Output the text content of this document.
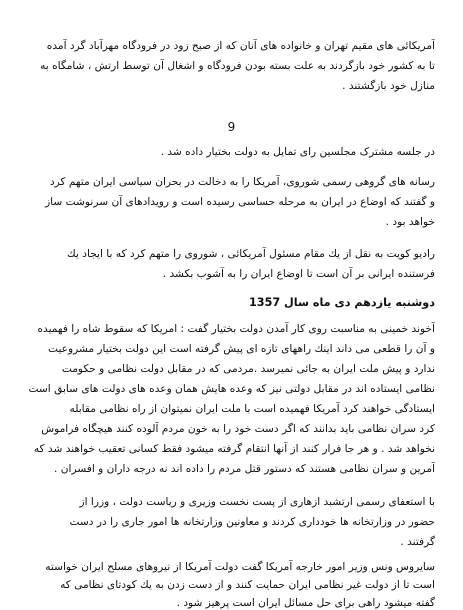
آمریکائی های مقیم تهران و خانواده های آنان که از صبح زود در فرودگاه مهرآباد گرد آمده
تا به کشور خود بازگردند به علت بسته بودن فرودگاه و اشغال آن توسط ارتش ، شامگاه به
منازل خود بازگشتند .
9
در جلسه مشترک مجلسین رای تمایل به دولت بختیار داده شد .
رسانه های گروهی رسمی شوروی، آمریکا را به دخالت در بحران سیاسی ایران متهم کرد
و گفتند که اوضاع در ایران به مرحله حساسی رسیده است و رویدادهای آن سرنوشت ساز
خواهد بود .
رادیو کویت به نقل از یك مقام مسئول آمریکائی ، شوروی را متهم کرد که با ایجاد یك
فرستنده ایرانی بر آن است تا اوضاع ایران را به آشوب بکشد .
دوشنبه یازدهم دی ماه سال 1357
آخوند خمینی به مناسبت روی کار آمدن دولت بختیار گفت : امریکا که سقوط شاه را فهمیده
و آن را قطعی می داند اینك راههای تازه ای پیش گرفته است این دولت بختیار مشروعیت
ندارد و پیش ملت ایران به جائی نمیرسد .مردمی که در مقابل دولت نظامی و حکومت
نظامی ایستاده اند در مقابل دولتی نیز که وعده هایش همان وعده های دولت های سابق است
ایستادگی خواهند کرد آمریکا فهمیده است با ملت ایران نمیتوان از راه نظامی مقابله
کرد سران نظامی باید بدانند که اگر دست خود را به خون مردم آلوده کنند هیچگاه فراموش
نخواهد شد . و هر جا فرار کنند از آنها انتقام گرفته میشود فقط کسانی تعقیب خواهند شد که
آمرین و سران نظامی هستند که دستور قتل مردم را داده اند نه درجه داران و افسران .
با استعفای رسمی ارتشبد ازهاری از پست نخست وزیری و ریاست دولت ، وزرا از
حضور در وزارتخانه ها خودداری کردند و معاونین وزارتخانه ها امور جاری را در دست
گرفتند .
سایروس ونس وزیر امور خارجه آمریکا گفت دولت آمریکا از نیروهای مسلح ایران خواسته
است تا از دولت غیر نظامی ایران حمایت کنند و از دست زدن به یك کودتای نظامی که
گفته میشود راهی برای حل مسائل ایران است پرهیز شود .
